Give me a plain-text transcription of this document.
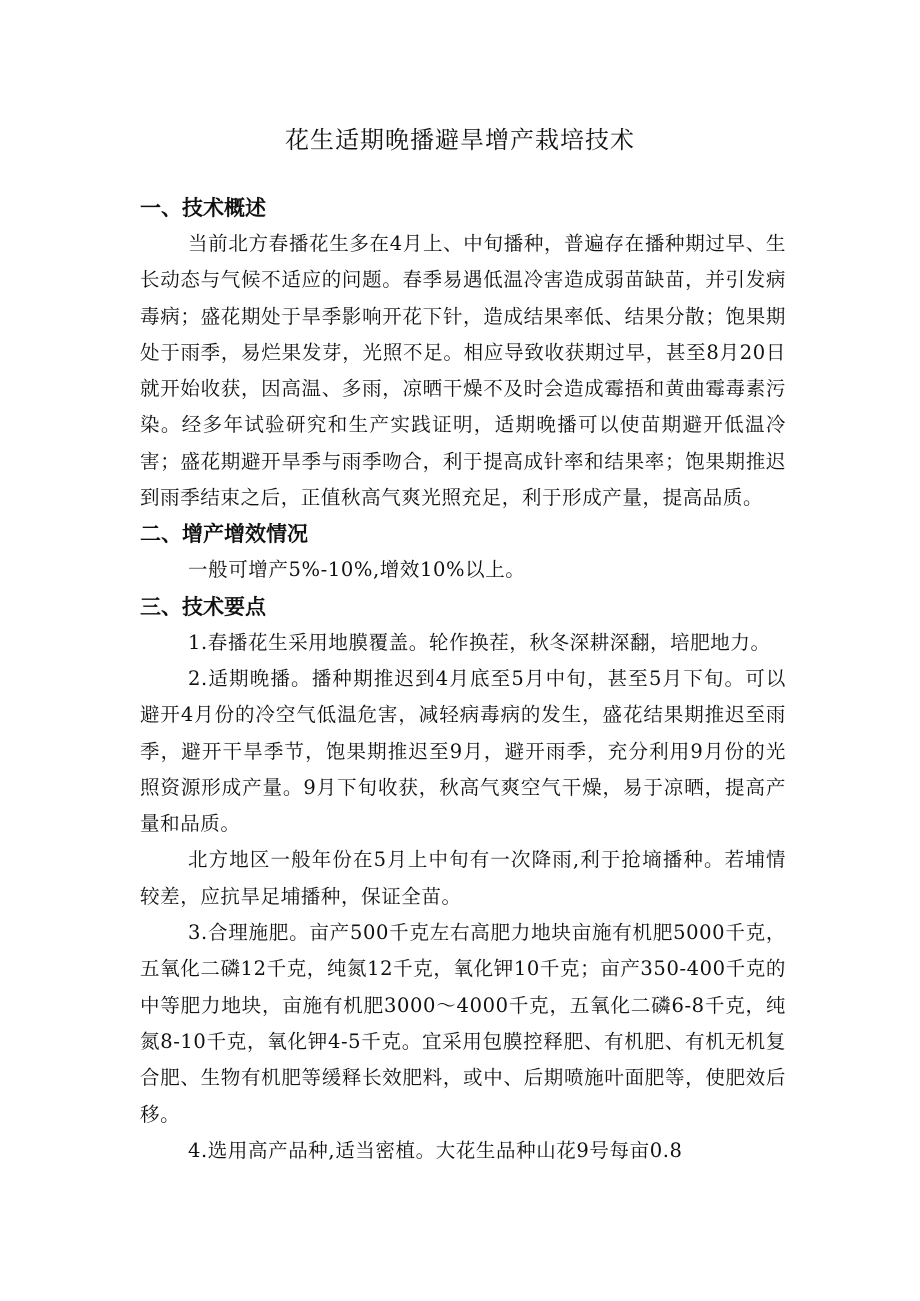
花生适期晚播避旱增产栽培技术
一、技术概述

当前北方春播花生多在4月上、中旬播种，普遍存在播种期过早、生长动态与气候不适应的问题。春季易遇低温冷害造成弱苗缺苗，并引发病毒病；盛花期处于旱季影响开花下针，造成结果率低、结果分散；饱果期处于雨季，易烂果发芽，光照不足。相应导致收获期过早，甚至8月20日就开始收获，因高温、多雨，凉晒干燥不及时会造成霉捂和黄曲霉毒素污染。经多年试验研究和生产实践证明，适期晚播可以使苗期避开低温冷害；盛花期避开旱季与雨季吻合，利于提高成针率和结果率；饱果期推迟到雨季结束之后，正值秋高气爽光照充足，利于形成产量，提高品质。

二、增产增效情况

一般可增产5%-10%,增效10%以上。

三、技术要点

1.春播花生采用地膜覆盖。轮作换茬，秋冬深耕深翻，培肥地力。

2.适期晚播。播种期推迟到4月底至5月中旬，甚至5月下旬。可以避开4月份的冷空气低温危害，减轻病毒病的发生，盛花结果期推迟至雨季，避开干旱季节，饱果期推迟至9月，避开雨季，充分利用9月份的光照资源形成产量。9月下旬收获，秋高气爽空气干燥，易于凉晒，提高产量和品质。

北方地区一般年份在5月上中旬有一次降雨,利于抢墒播种。若埔情较差，应抗旱足埔播种，保证全苗。

3.合理施肥。亩产500千克左右高肥力地块亩施有机肥5000千克，五氧化二磷12千克，纯氮12千克，氧化钾10千克；亩产350-400千克的中等肥力地块，亩施有机肥3000～4000千克，五氧化二磷6-8千克，纯氮8-10千克，氧化钾4-5千克。宜采用包膜控释肥、有机肥、有机无机复合肥、生物有机肥等缓释长效肥料，或中、后期喷施叶面肥等，使肥效后移。

4.选用高产品种,适当密植。大花生品种山花9号每亩0.8
